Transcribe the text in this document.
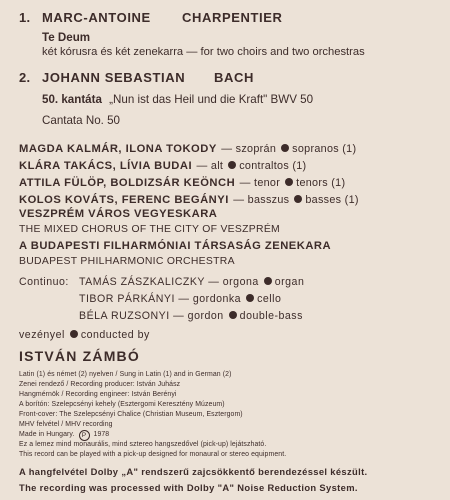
1. MARC-ANTOINE CHARPENTIER
Te Deum
két kórusra és két zenekarra — for two choirs and two orchestras
2. JOHANN SEBASTIAN BACH
50. kantáta „Nun ist das Heil und die Kraft" BWV 50
Cantata No. 50
MAGDA KALMÁR, ILONA TOKODY — szoprán sopranos (1)
KLÁRA TAKÁCS, LÍVIA BUDAI — alt contraltos (1)
ATTILA FÜLÖP, BOLDIZSÁR KEÖNCH — tenor tenors (1)
KOLOS KOVÁTS, FERENC BEGÁNYI — basszus basses (1)
VESZPRÉM VÁROS VEGYESKARA
THE MIXED CHORUS OF THE CITY OF VESZPRÉM
A BUDAPESTI FILHARMÓNIAI TÁRSASÁG ZENEKARA
BUDAPEST PHILHARMONIC ORCHESTRA
Continuo: TAMÁS ZÁSZKALICZKY — orgona organ
TIBOR PÁRKÁNYI — gordonka cello
BÉLA RUZSONYI — gordon double-bass
vezényel conducted by
ISTVÁN ZÁMBÓ
Latin (1) és német (2) nyelven / Sung in Latin (1) and in German (2)
Zenei rendező / Recording producer: István Juhász
Hangmérnök / Recording engineer: István Berényi
A borítón: Szelepcsényi kehely (Esztergomi Keresztény Múzeum)
Front-cover: The Szelepcsényi Chalice (Christian Museum, Esztergom)
MHV felvétel / MHV recording
Made in Hungary. P 1978
Ez a lemez mind monaurális, mind sztereo hangszedővel (pick-up) lejátszható.
This record can be played with a pick-up designed for monaural or stereo equipment.
A hangfelvétel Dolby „A" rendszerű zajcsökkentő berendezéssel készült.
The recording was processed with Dolby "A" Noise Reduction System.
